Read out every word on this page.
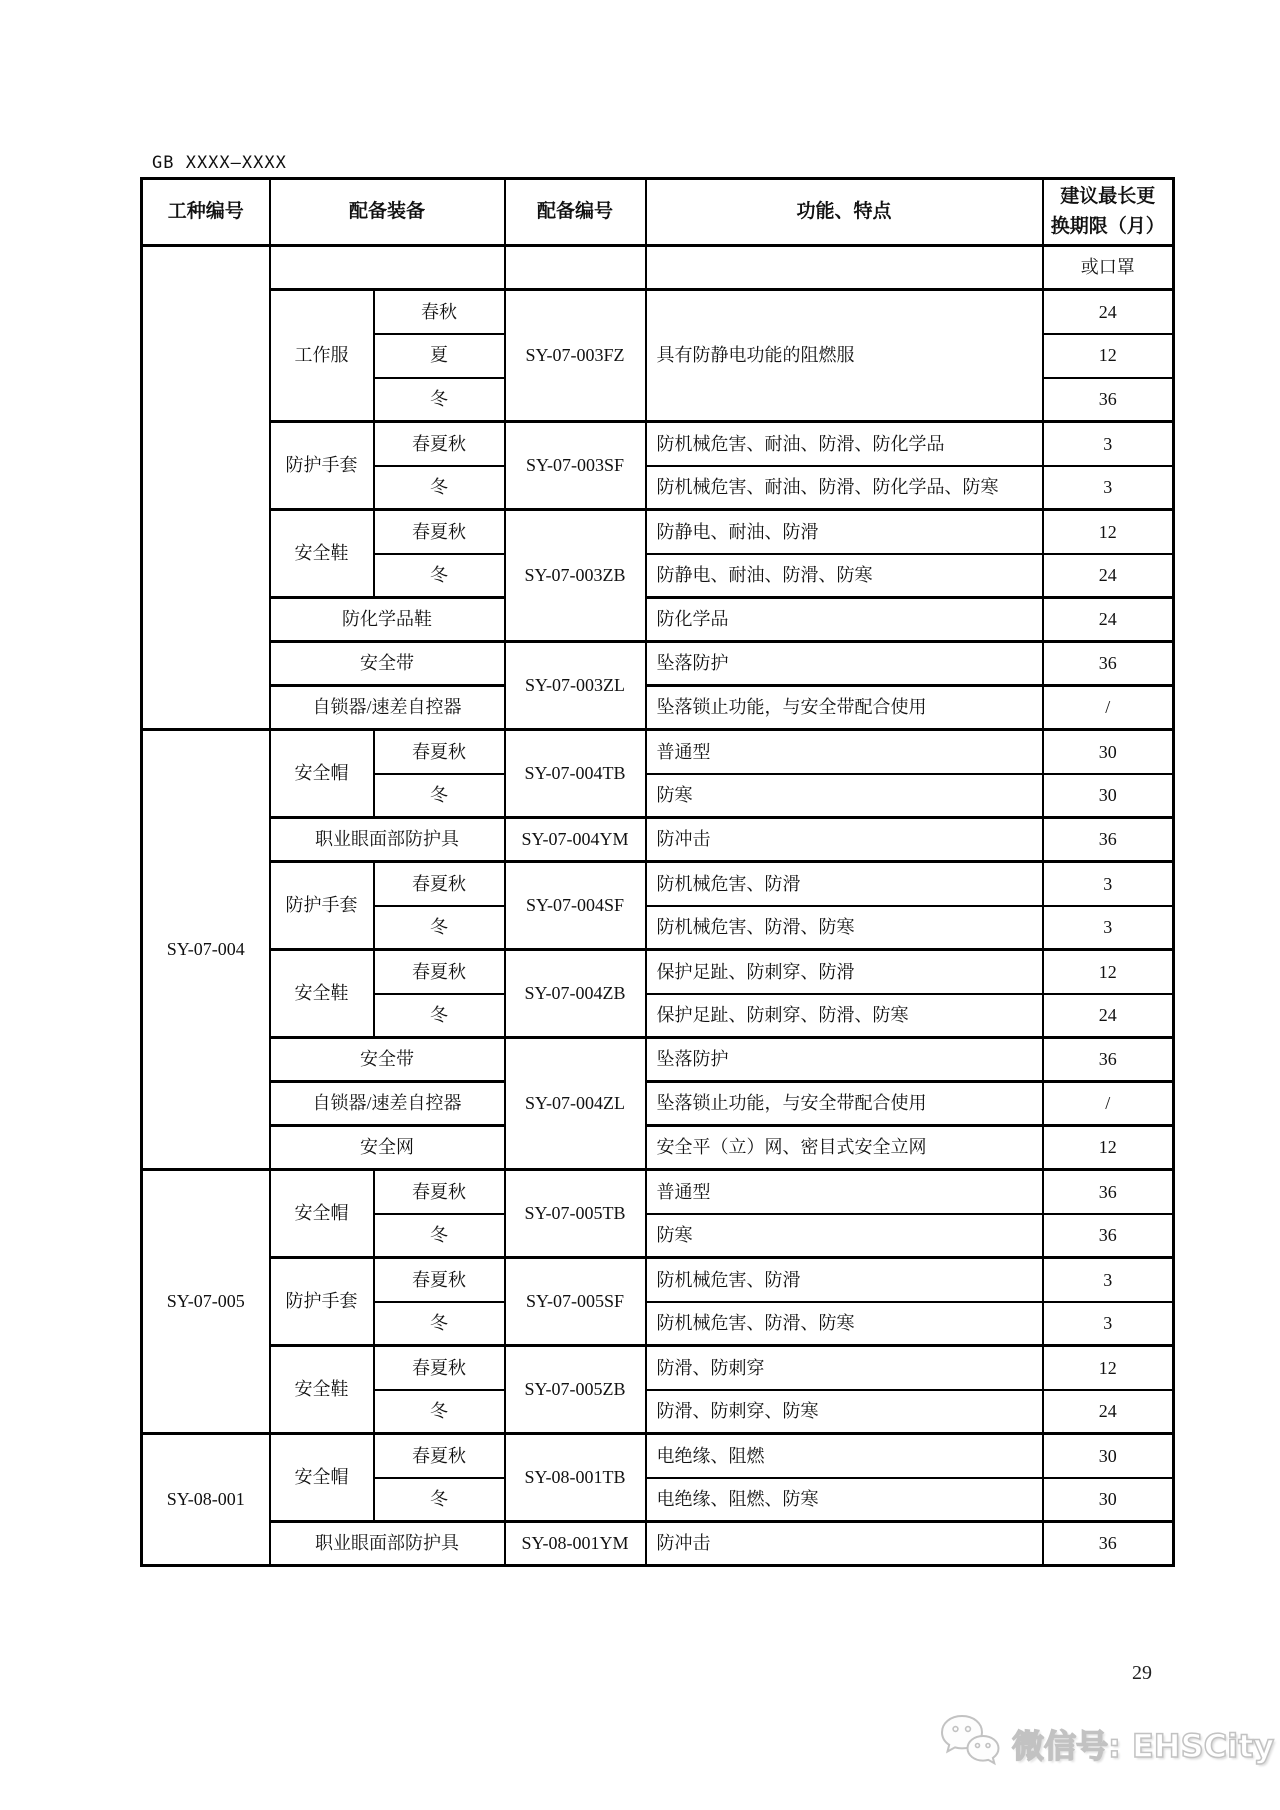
GB XXXX—XXXX
工种编号	配备装备		配备编号	功能、特点	建议最长更
换期限（月）

					或口罩
	工作服	春秋	SY-07-003FZ	具有防静电功能的阻燃服	24
		夏			12
		冬			36
	防护手套	春夏秋	SY-07-003SF	防机械危害、耐油、防滑、防化学品	3
		冬		防机械危害、耐油、防滑、防化学品、防寒	3
	安全鞋	春夏秋	SY-07-003ZB	防静电、耐油、防滑	12
		冬		防静电、耐油、防滑、防寒	24
	防化学品鞋			防化学品	24
	安全带		SY-07-003ZL	坠落防护	36
	自锁器/速差自控器			坠落锁止功能，与安全带配合使用	/
SY-07-004	安全帽	春夏秋	SY-07-004TB	普通型	30
		冬		防寒	30
	职业眼面部防护具		SY-07-004YM	防冲击	36
	防护手套	春夏秋	SY-07-004SF	防机械危害、防滑	3
		冬		防机械危害、防滑、防寒	3
	安全鞋	春夏秋	SY-07-004ZB	保护足趾、防刺穿、防滑	12
		冬		保护足趾、防刺穿、防滑、防寒	24
	安全带		SY-07-004ZL	坠落防护	36
	自锁器/速差自控器			坠落锁止功能，与安全带配合使用	/
	安全网			安全平（立）网、密目式安全立网	12
SY-07-005	安全帽	春夏秋	SY-07-005TB	普通型	36
		冬		防寒	36
	防护手套	春夏秋	SY-07-005SF	防机械危害、防滑	3
		冬		防机械危害、防滑、防寒	3
	安全鞋	春夏秋	SY-07-005ZB	防滑、防刺穿	12
		冬		防滑、防刺穿、防寒	24
SY-08-001	安全帽	春夏秋	SY-08-001TB	电绝缘、阻燃	30
		冬		电绝缘、阻燃、防寒	30
	职业眼面部防护具		SY-08-001YM	防冲击	36
29
微信号: EHSCity
